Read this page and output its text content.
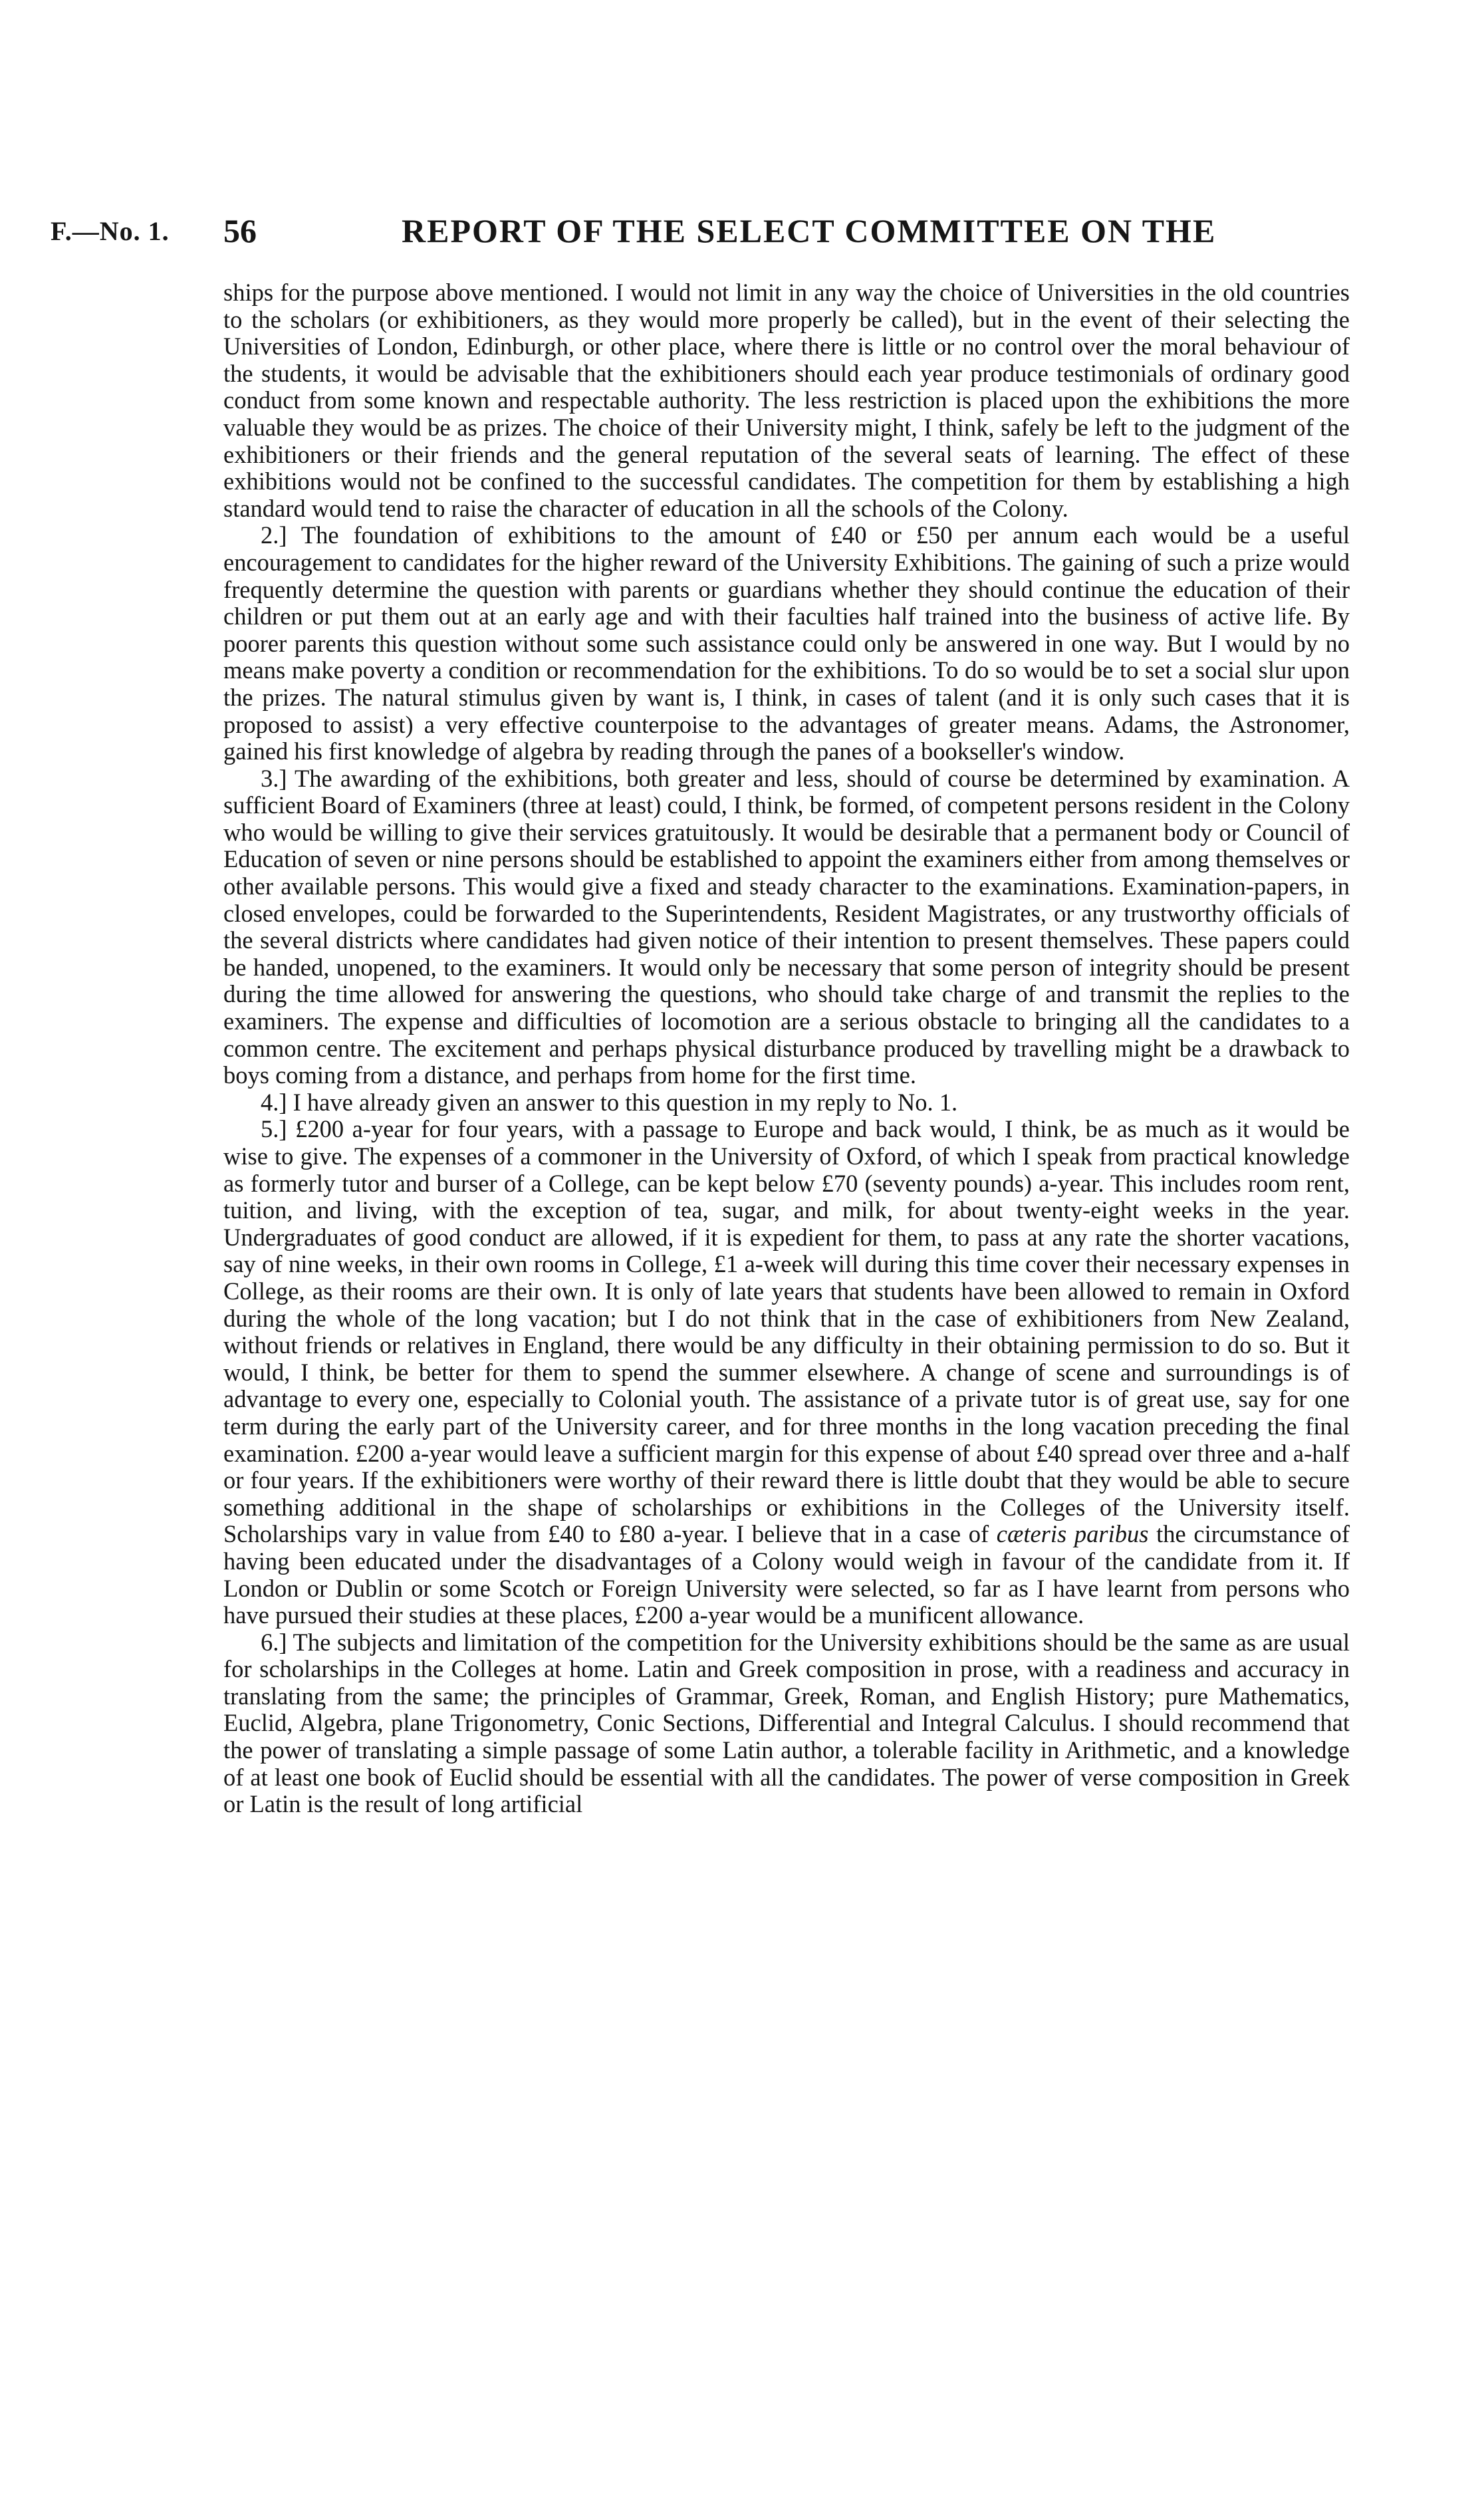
F.—No. 1. 56	REPORT OF THE SELECT COMMITTEE ON THE

ships for the purpose above mentioned. I would not limit in any way the choice of Universities in the old countries to the scholars (or exhibitioners, as they would more properly be called), but in the event of their selecting the Universities of London, Edinburgh, or other place, where there is little or no control over the moral behaviour of the students, it would be advisable that the exhibitioners should each year produce testimonials of ordinary good conduct from some known and respectable authority. The less restriction is placed upon the exhibitions the more valuable they would be as prizes. The choice of their University might, I think, safely be left to the judgment of the exhibitioners or their friends and the general reputation of the several seats of learning. The effect of these exhibitions would not be confined to the successful candidates. The competition for them by establishing a high standard would tend to raise the character of education in all the schools of the Colony.

2.] The foundation of exhibitions to the amount of £40 or £50 per annum each would be a useful encouragement to candidates for the higher reward of the University Exhibitions. The gaining of such a prize would frequently determine the question with parents or guardians whether they should continue the education of their children or put them out at an early age and with their faculties half trained into the business of active life. By poorer parents this question without some such assistance could only be answered in one way. But I would by no means make poverty a condition or recommendation for the exhibitions. To do so would be to set a social slur upon the prizes. The natural stimulus given by want is, I think, in cases of talent (and it is only such cases that it is proposed to assist) a very effective counterpoise to the advantages of greater means. Adams, the Astronomer, gained his first knowledge of algebra by reading through the panes of a bookseller's window.

3.] The awarding of the exhibitions, both greater and less, should of course be determined by examination. A sufficient Board of Examiners (three at least) could, I think, be formed, of competent persons resident in the Colony who would be willing to give their services gratuitously. It would be desirable that a permanent body or Council of Education of seven or nine persons should be established to appoint the examiners either from among themselves or other available persons. This would give a fixed and steady character to the examinations. Examination-papers, in closed envelopes, could be forwarded to the Superintendents, Resident Magistrates, or any trustworthy officials of the several districts where candidates had given notice of their intention to present themselves. These papers could be handed, unopened, to the examiners. It would only be necessary that some person of integrity should be present during the time allowed for answering the questions, who should take charge of and transmit the replies to the examiners. The expense and difficulties of locomotion are a serious obstacle to bringing all the candidates to a common centre. The excitement and perhaps physical disturbance produced by travelling might be a drawback to boys coming from a distance, and perhaps from home for the first time.

4.] I have already given an answer to this question in my reply to No. 1.

5.] £200 a-year for four years, with a passage to Europe and back would, I think, be as much as it would be wise to give. The expenses of a commoner in the University of Oxford, of which I speak from practical knowledge as formerly tutor and burser of a College, can be kept below £70 (seventy pounds) a-year. This includes room rent, tuition, and living, with the exception of tea, sugar, and milk, for about twenty-eight weeks in the year. Undergraduates of good conduct are allowed, if it is expedient for them, to pass at any rate the shorter vacations, say of nine weeks, in their own rooms in College, £1 a-week will during this time cover their necessary expenses in College, as their rooms are their own. It is only of late years that students have been allowed to remain in Oxford during the whole of the long vacation; but I do not think that in the case of exhibitioners from New Zealand, without friends or relatives in England, there would be any difficulty in their obtaining permission to do so. But it would, I think, be better for them to spend the summer elsewhere. A change of scene and surroundings is of advantage to every one, especially to Colonial youth. The assistance of a private tutor is of great use, say for one term during the early part of the University career, and for three months in the long vacation preceding the final examination. £200 a-year would leave a sufficient margin for this expense of about £40 spread over three and a-half or four years. If the exhibitioners were worthy of their reward there is little doubt that they would be able to secure something additional in the shape of scholarships or exhibitions in the Colleges of the University itself. Scholarships vary in value from £40 to £80 a-year. I believe that in a case of cæteris paribus the circumstance of having been educated under the disadvantages of a Colony would weigh in favour of the candidate from it. If London or Dublin or some Scotch or Foreign University were selected, so far as I have learnt from persons who have pursued their studies at these places, £200 a-year would be a munificent allowance.

6.] The subjects and limitation of the competition for the University exhibitions should be the same as are usual for scholarships in the Colleges at home. Latin and Greek composition in prose, with a readiness and accuracy in translating from the same; the principles of Grammar, Greek, Roman, and English History; pure Mathematics, Euclid, Algebra, plane Trigonometry, Conic Sections, Differential and Integral Calculus. I should recommend that the power of translating a simple passage of some Latin author, a tolerable facility in Arithmetic, and a knowledge of at least one book of Euclid should be essential with all the candidates. The power of verse composition in Greek or Latin is the result of long artificial
